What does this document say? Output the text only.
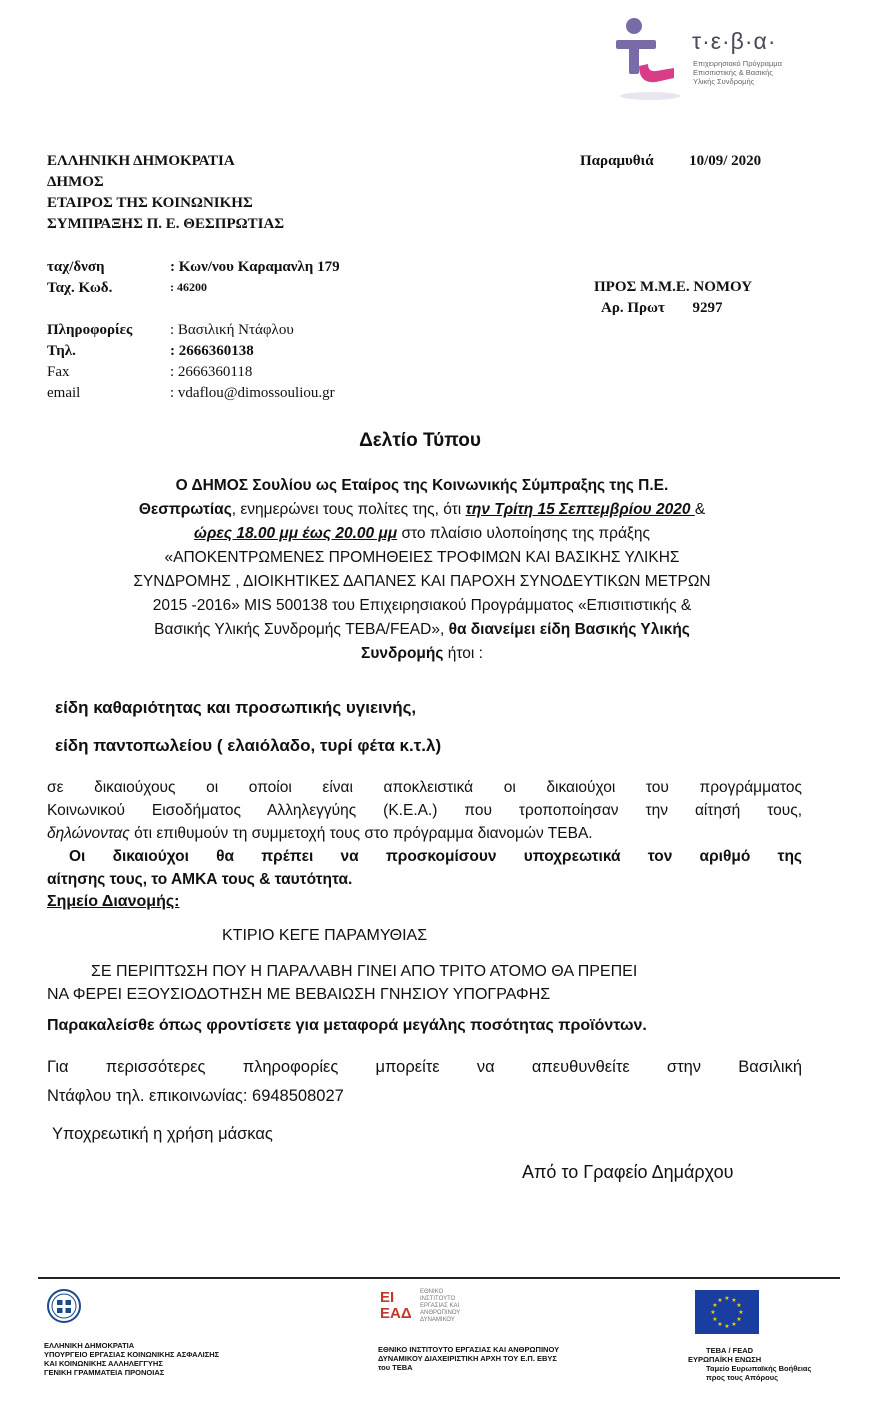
τ·ε·β·α·
Επιχειρησιακό Πρόγραμμα
Επισιτιστικής & Βασικής
Υλικής Συνδρομής
ΕΛΛΗΝΙΚΗ ΔΗΜΟΚΡΑΤΙΑ
ΔΗΜΟΣ
ΕΤΑΙΡΟΣ ΤΗΣ ΚΟΙΝΩΝΙΚΗΣ
ΣΥΜΠΡΑΞΗΣ Π. Ε. ΘΕΣΠΡΩΤΙΑΣ
Παραμυθιά 10/09/ 2020
ταχ/δνση	: Κων/νου Καραμανλη 179
Ταχ. Κωδ.	: 46200	ΠΡΟΣ Μ.Μ.Ε. ΝΟΜΟΥ
Αρ. Πρωτ 9297
Πληροφορίες	: Βασιλική Ντάφλου
Τηλ.	: 2666360138
Fax	: 2666360118
email	: vdaflou@dimossouliou.gr
Δελτίο Τύπου
Ο ΔΗΜΟΣ Σουλίου ως Εταίρος της Κοινωνικής Σύμπραξης της Π.Ε.
Θεσπρωτίας, ενημερώνει τους πολίτες της, ότι την Τρίτη 15 Σεπτεμβρίου 2020 &
ώρες 18.00 μμ έως 20.00 μμ στο πλαίσιο υλοποίησης της πράξης
«ΑΠΟΚΕΝΤΡΩΜΕΝΕΣ ΠΡΟΜΗΘΕΙΕΣ ΤΡΟΦΙΜΩΝ ΚΑΙ ΒΑΣΙΚΗΣ ΥΛΙΚΗΣ
ΣΥΝΔΡΟΜΗΣ , ΔΙΟΙΚΗΤΙΚΕΣ ΔΑΠΑΝΕΣ ΚΑΙ ΠΑΡΟΧΗ ΣΥΝΟΔΕΥΤΙΚΩΝ ΜΕΤΡΩΝ
2015 -2016» MIS 500138 του Επιχειρησιακού Προγράμματος «Επισιτιστικής &
Βασικής Υλικής Συνδρομής TEBA/FEAD», θα διανείμει είδη Βασικής Υλικής
Συνδρομής ήτοι :
είδη καθαριότητας και προσωπικής υγιεινής,
είδη παντοπωλείου ( ελαιόλαδο, τυρί φέτα κ.τ.λ)
σε δικαιούχους οι οποίοι είναι αποκλειστικά οι δικαιούχοι του προγράμματος
Κοινωνικού Εισοδήματος Αλληλεγγύης (Κ.Ε.Α.) που τροποποίησαν την αίτησή τους,
δηλώνοντας ότι επιθυμούν τη συμμετοχή τους στο πρόγραμμα διανομών ΤΕΒΑ.
Οι δικαιούχοι θα πρέπει να προσκομίσουν υποχρεωτικά τον αριθμό της
αίτησης τους, το ΑΜΚΑ τους & ταυτότητα.
Σημείο Διανομής:
ΚΤΙΡΙΟ ΚΕΓΕ ΠΑΡΑΜΥΘΙΑΣ
ΣΕ ΠΕΡΙΠΤΩΣΗ ΠΟΥ Η ΠΑΡΑΛΑΒΗ ΓΙΝΕΙ ΑΠΟ ΤΡΙΤΟ ΑΤΟΜΟ ΘΑ ΠΡΕΠΕΙ
ΝΑ ΦΕΡΕΙ ΕΞΟΥΣΙΟΔΟΤΗΣΗ ΜΕ ΒΕΒΑΙΩΣΗ ΓΝΗΣΙΟΥ ΥΠΟΓΡΑΦΗΣ
Παρακαλείσθε όπως φροντίσετε για μεταφορά μεγάλης ποσότητας προϊόντων.
Για περισσότερες πληροφορίες μπορείτε να απευθυνθείτε στην Βασιλική
Ντάφλου τηλ. επικοινωνίας: 6948508027
Υποχρεωτική η χρήση μάσκας
Από το Γραφείο Δημάρχου
ΕΛΛΗΝΙΚΗ ΔΗΜΟΚΡΑΤΙΑ
ΥΠΟΥΡΓΕΙΟ ΕΡΓΑΣΙΑΣ ΚΟΙΝΩΝΙΚΗΣ ΑΣΦΑΛΙΣΗΣ
ΚΑΙ ΚΟΙΝΩΝΙΚΗΣ ΑΛΛΗΛΕΓΓΥΗΣ
ΓΕΝΙΚΗ ΓΡΑΜΜΑΤΕΙΑ ΠΡΟΝΟΙΑΣ
ΕΙ ΕΑΔ
ΕΘΝΙΚΟ
ΙΝΣΤΙΤΟΥΤΟ
ΕΡΓΑΣΙΑΣ ΚΑΙ
ΑΝΘΡΩΠΙΝΟΥ
ΔΥΝΑΜΙΚΟΥ
ΕΘΝΙΚΟ ΙΝΣΤΙΤΟΥΤΟ ΕΡΓΑΣΙΑΣ ΚΑΙ ΑΝΘΡΩΠΙΝΟΥ
ΔΥΝΑΜΙΚΟΥ ΔΙΑΧΕΙΡΙΣΤΙΚΗ ΑΡΧΗ ΤΟΥ Ε.Π. ΕΒΥΣ
του ΤΕΒΑ
★ ★
★
★
★
★
★
★
★
★
★
★
ΤΕΒΑ / FEAD
ΕΥΡΩΠΑΪΚΗ ΕΝΩΣΗ
Ταμείο Ευρωπαϊκής Βοήθειας
προς τους Απόρους
